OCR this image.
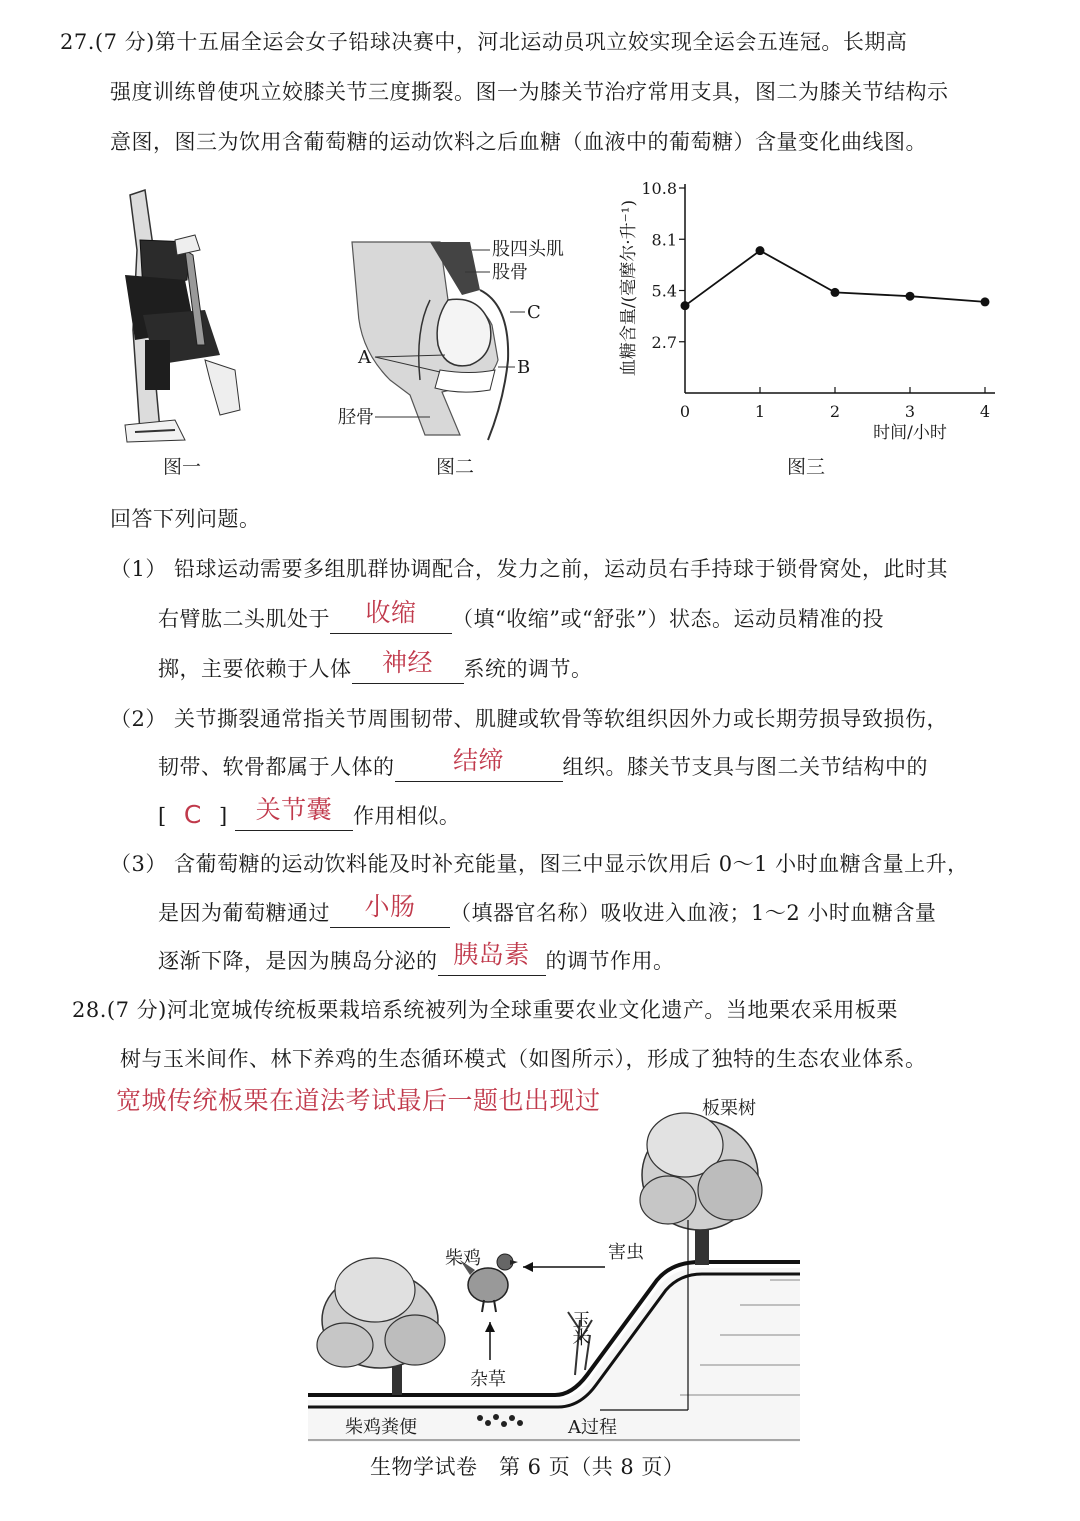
27.(7 分)第十五届全运会女子铅球决赛中，河北运动员巩立姣实现全运会五连冠。长期高
强度训练曾使巩立姣膝关节三度撕裂。图一为膝关节治疗常用支具，图二为膝关节结构示
意图，图三为饮用含葡萄糖的运动饮料之后血糖（血液中的葡萄糖）含量变化曲线图。
图一
股四头肌
股骨
C
A	B
胫骨
图二
血糖含量/(毫摩尔·升⁻¹)
时间/小时
2.7
5.4
8.1
10.8
0	1	2	3	4
图三
回答下列问题。
（1） 铅球运动需要多组肌群协调配合，发力之前，运动员右手持球于锁骨窝处，此时其
右臂肱二头肌处于	收缩	（填“收缩”或“舒张”）状态。运动员精准的投
掷，主要依赖于人体	神经	系统的调节。
（2） 关节撕裂通常指关节周围韧带、肌腱或软骨等软组织因外力或长期劳损导致损伤，
韧带、软骨都属于人体的	结缔	组织。膝关节支具与图二关节结构中的
[ C ]	关节囊 作用相似。
（3） 含葡萄糖的运动饮料能及时补充能量，图三中显示饮用后 0～1 小时血糖含量上升，
是因为葡萄糖通过	小肠	（填器官名称）吸收进入血液；1～2 小时血糖含量
逐渐下降，是因为胰岛分泌的 胰岛素 的调节作用。
28.(7 分)河北宽城传统板栗栽培系统被列为全球重要农业文化遗产。当地栗农采用板栗
树与玉米间作、林下养鸡的生态循环模式（如图所示），形成了独特的生态农业体系。
宽城传统板栗在道法考试最后一题也出现过	板栗树
害虫
柴鸡
玉米
杂草
柴鸡粪便	A过程
生物学试卷　第 6 页（共 8 页）
